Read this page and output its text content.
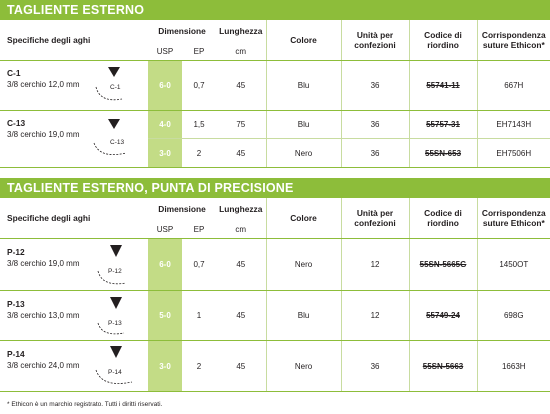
TAGLIENTE ESTERNO
Specifiche degli aghi	Dimensione		Lunghezza	Colore	Unità per confezioni	Codice di riordino	Corrispondenza suture Ethicon*
	USP	EP	cm				

C-1
3/8 cerchio 12,0 mm C-1	6-0	0,7	45	Blu	36	55741-11	667H

C-13
3/8 cerchio 19,0 mm
C-13	4-0	1,5	75	Blu	36	55757-31	EH7143H
	3-0	2	45	Nero	36	55SN-653	EH7506H
TAGLIENTE ESTERNO, PUNTA DI PRECISIONE
Specifiche degli aghi	Dimensione		Lunghezza	Colore	Unità per confezioni	Codice di riordino	Corrispondenza suture Ethicon*
	USP	EP	cm				

P-12
3/8 cerchio 19,0 mm
P-12	6-0	0,7	45	Nero	12	55SN-5665G	1450OT

P-13
3/8 cerchio 13,0 mm
P-13	5-0	1	45	Blu	12	55749-24	698G

P-14
3/8 cerchio 24,0 mm
P-14	3-0	2	45	Nero	36	55SN-5663	1663H
* Ethicon è un marchio registrato. Tutti i diritti riservati.
